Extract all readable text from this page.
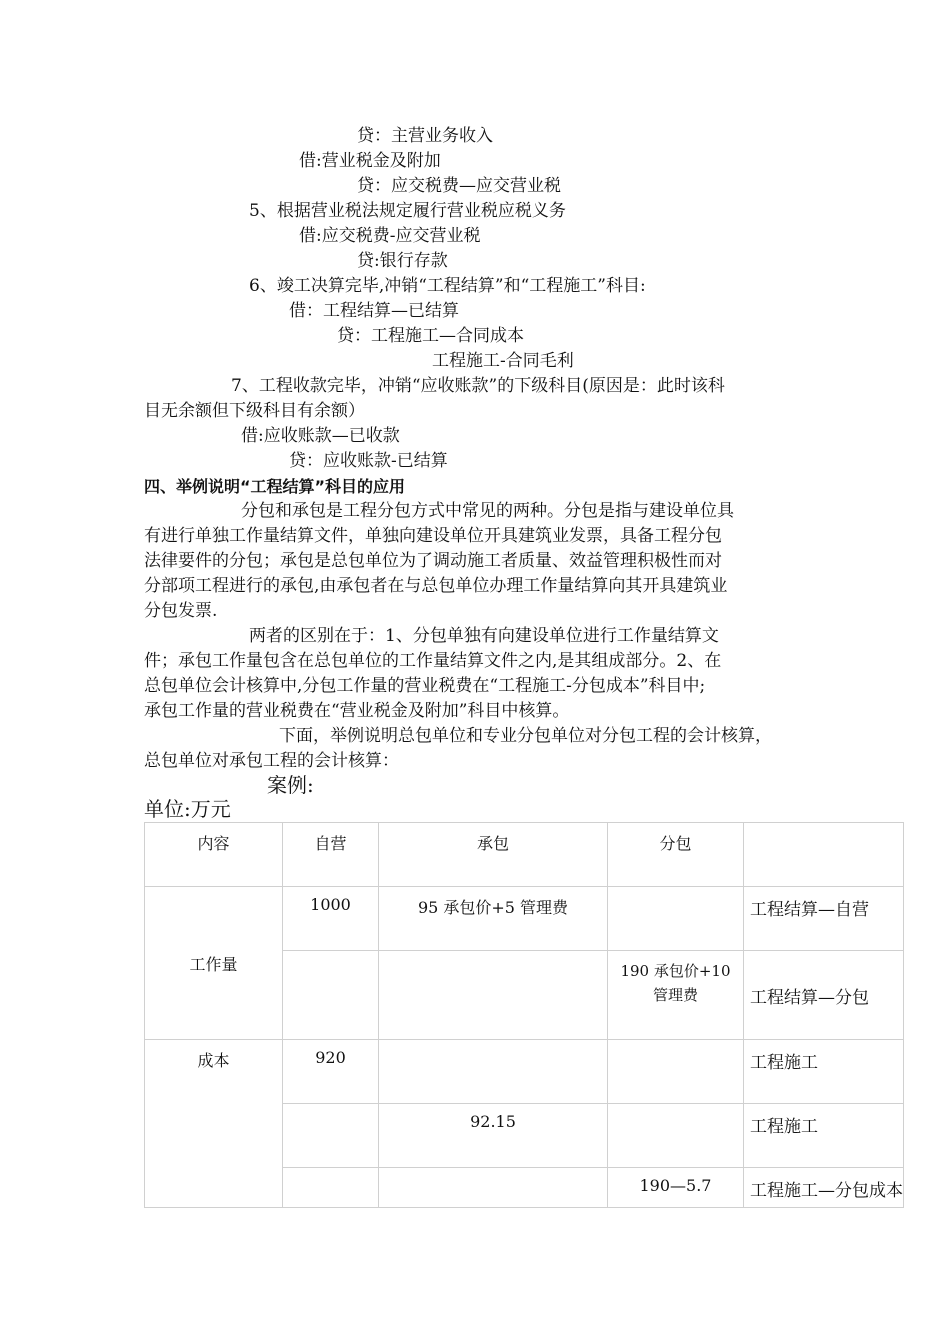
贷：主营业务收入
借:营业税金及附加
贷：应交税费—应交营业税
5、根据营业税法规定履行营业税应税义务
借:应交税费-应交营业税
贷:银行存款
6、竣工决算完毕,冲销“工程结算”和“工程施工”科目:
借：工程结算—已结算
贷：工程施工—合同成本
工程施工-合同毛利
7、工程收款完毕，冲销“应收账款”的下级科目(原因是：此时该科
目无余额但下级科目有余额）
借:应收账款—已收款
贷：应收账款-已结算
四、举例说明“工程结算”科目的应用
分包和承包是工程分包方式中常见的两种。分包是指与建设单位具
有进行单独工作量结算文件，单独向建设单位开具建筑业发票，具备工程分包
法律要件的分包；承包是总包单位为了调动施工者质量、效益管理积极性而对
分部项工程进行的承包,由承包者在与总包单位办理工作量结算向其开具建筑业
分包发票.
两者的区别在于：1、分包单独有向建设单位进行工作量结算文
件；承包工作量包含在总包单位的工作量结算文件之内,是其组成部分。2、在
总包单位会计核算中,分包工作量的营业税费在“工程施工-分包成本”科目中;
承包工作量的营业税费在“营业税金及附加”科目中核算。
下面，举例说明总包单位和专业分包单位对分包工程的会计核算，
总包单位对承包工程的会计核算：
案例:
单位:万元
内容	自营	承包	分包	

工作量	1000	95 承包价+5 管理费		工程结算—自营

			190 承包价+10 管理费	工程结算—分包

成本	920			工程施工

		92.15		工程施工

			190—5.7	工程施工—分包成本
